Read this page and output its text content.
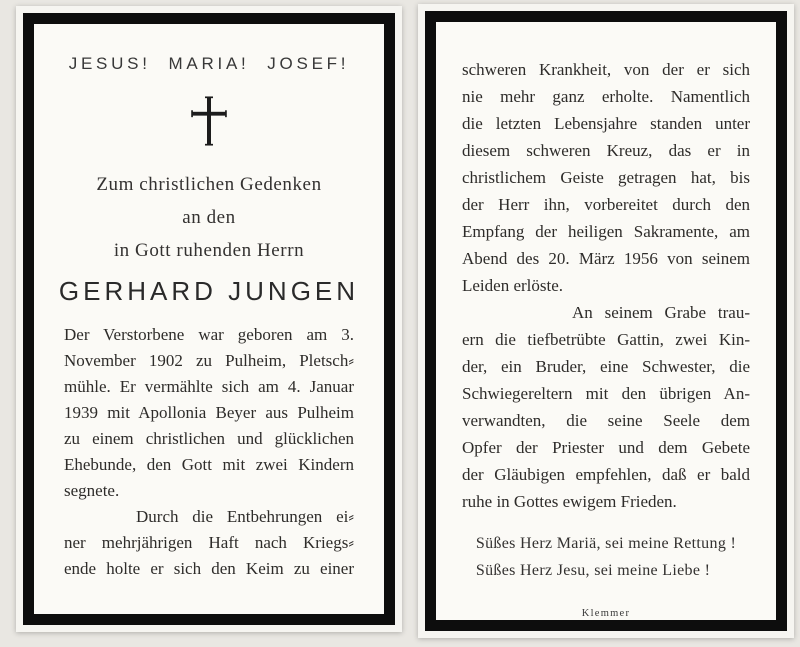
JESUS! MARIA! JOSEF!
Zum christlichen Gedenken
an den
in Gott ruhenden Herrn
GERHARD JUNGEN
Der Verstorbene war geboren am 3.
November 1902 zu Pulheim, Pletsch⸗
mühle. Er vermählte sich am 4. Januar
1939 mit Apollonia Beyer aus Pulheim
zu einem christlichen und glücklichen
Ehebunde, den Gott mit zwei Kindern
segnete.
Durch die Entbehrungen ei⸗
ner mehrjährigen Haft nach Kriegs⸗
ende holte er sich den Keim zu einer
schweren Krankheit, von der er sich
nie mehr ganz erholte. Namentlich
die letzten Lebensjahre standen unter
diesem schweren Kreuz, das er in
christlichem Geiste getragen hat, bis
der Herr ihn, vorbereitet durch den
Empfang der heiligen Sakramente, am
Abend des 20. März 1956 von seinem
Leiden erlöste.
An seinem Grabe trau-
ern die tiefbetrübte Gattin, zwei Kin-
der, ein Bruder, eine Schwester, die
Schwiegereltern mit den übrigen An-
verwandten, die seine Seele dem
Opfer der Priester und dem Gebete
der Gläubigen empfehlen, daß er bald
ruhe in Gottes ewigem Frieden.
Süßes Herz Mariä, sei meine Rettung !
Süßes Herz Jesu, sei meine Liebe !
Klemmer
